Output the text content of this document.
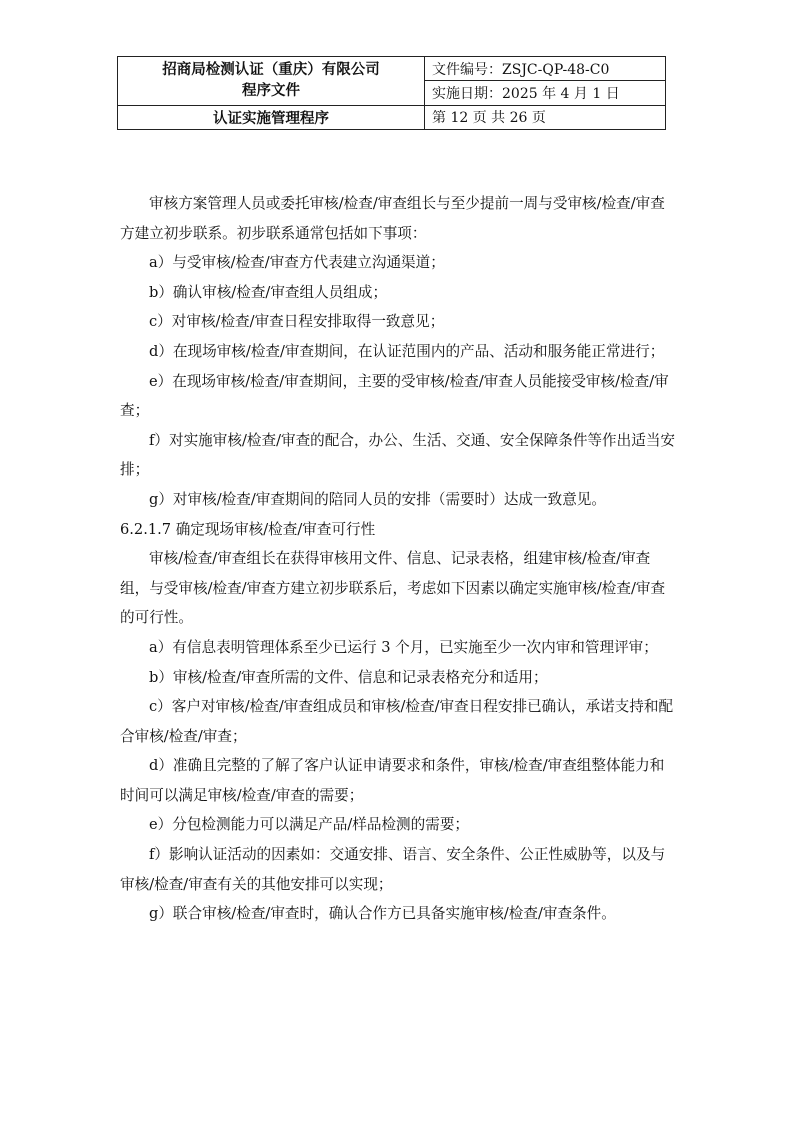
招商局检测认证（重庆）有限公司
程序文件	文件编号：ZSJC-QP-48-C0
	实施日期：2025 年 4 月 1 日
认证实施管理程序	第 12 页 共 26 页

审核方案管理人员或委托审核/检查/审查组长与至少提前一周与受审核/检查/审查方建立初步联系。初步联系通常包括如下事项：

a）与受审核/检查/审查方代表建立沟通渠道；

b）确认审核/检查/审查组人员组成；

c）对审核/检查/审查日程安排取得一致意见；

d）在现场审核/检查/审查期间，在认证范围内的产品、活动和服务能正常进行；

e）在现场审核/检查/审查期间，主要的受审核/检查/审查人员能接受审核/检查/审查；

f）对实施审核/检查/审查的配合，办公、生活、交通、安全保障条件等作出适当安排；

g）对审核/检查/审查期间的陪同人员的安排（需要时）达成一致意见。

6.2.1.7 确定现场审核/检查/审查可行性

审核/检查/审查组长在获得审核用文件、信息、记录表格，组建审核/检查/审查组，与受审核/检查/审查方建立初步联系后，考虑如下因素以确定实施审核/检查/审查的可行性。

a）有信息表明管理体系至少已运行 3 个月，已实施至少一次内审和管理评审；

b）审核/检查/审查所需的文件、信息和记录表格充分和适用；

c）客户对审核/检查/审查组成员和审核/检查/审查日程安排已确认，承诺支持和配合审核/检查/审查；

d）准确且完整的了解了客户认证申请要求和条件，审核/检查/审查组整体能力和时间可以满足审核/检查/审查的需要；

e）分包检测能力可以满足产品/样品检测的需要；

f）影响认证活动的因素如：交通安排、语言、安全条件、公正性威胁等，以及与审核/检查/审查有关的其他安排可以实现；

g）联合审核/检查/审查时，确认合作方已具备实施审核/检查/审查条件。
